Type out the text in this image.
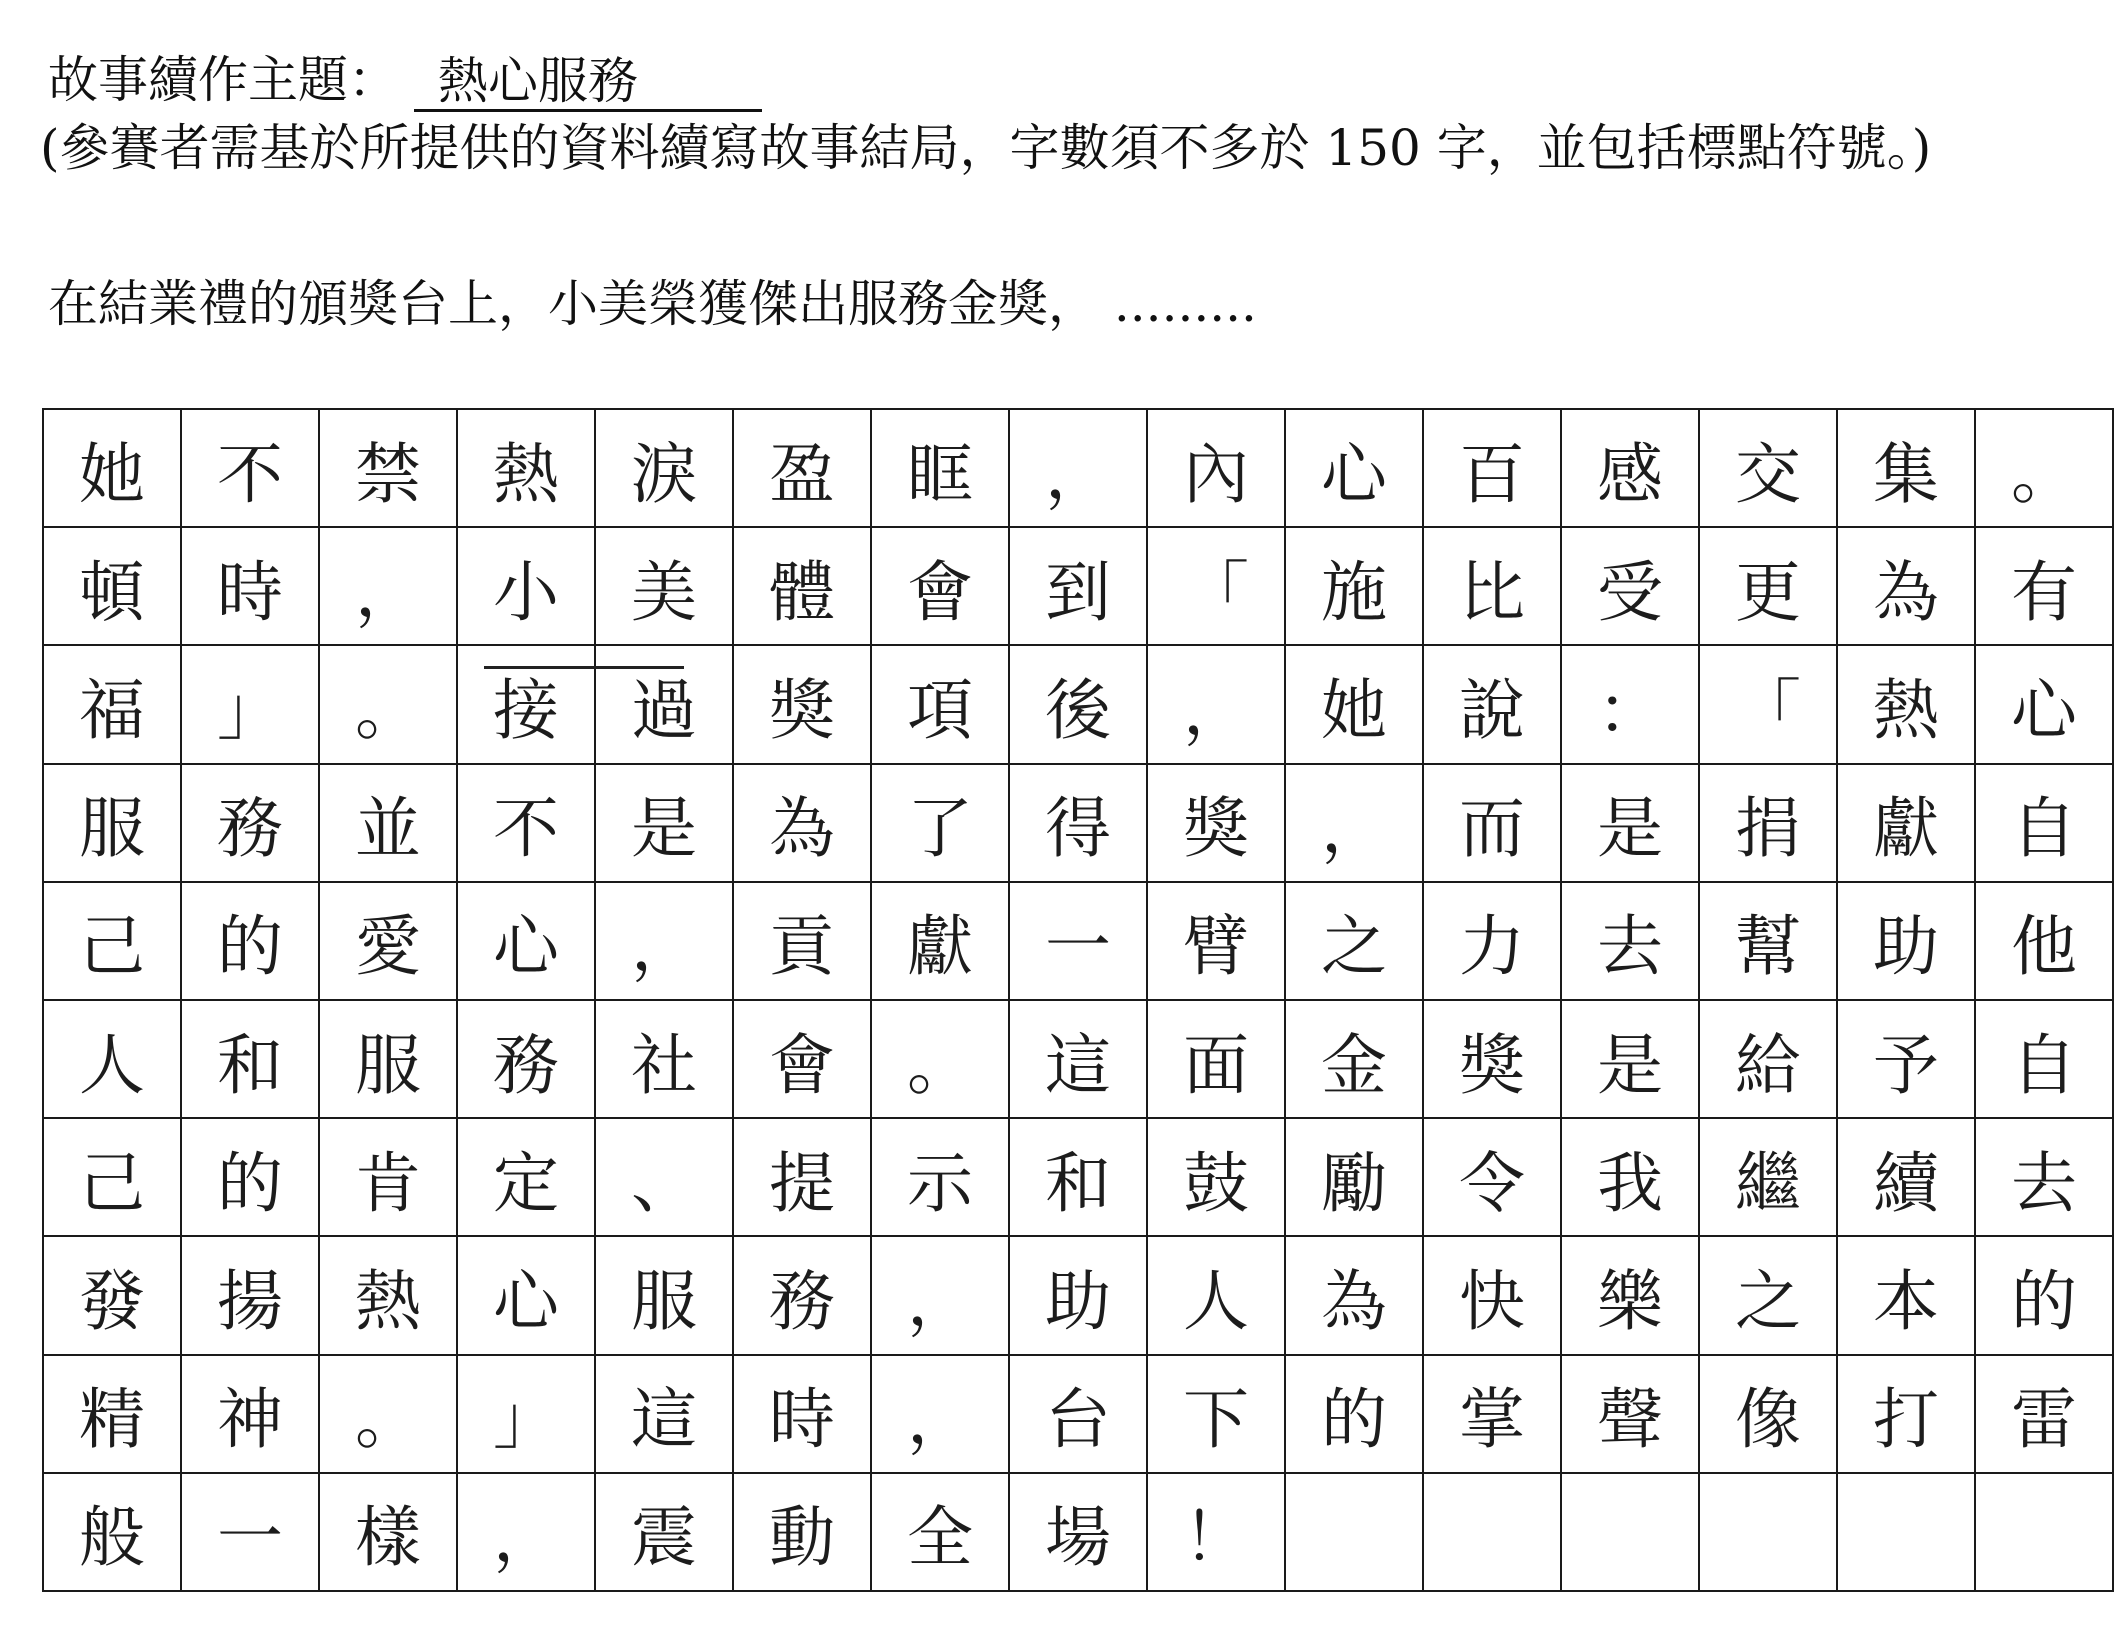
故事續作主題： 熱心服務
(參賽者需基於所提供的資料續寫故事結局，字數須不多於 150 字，並包括標點符號。)
在結業禮的頒獎台上，小美榮獲傑出服務金獎， .........
她	不	禁	熱	淚	盈	眶	，	內	心	百	感	交	集	。
頓	時	，	小	美	體	會	到	「	施	比	受	更	為	有
福	」	。	接	過	獎	項	後	，	她	說	：	「	熱	心
服	務	並	不	是	為	了	得	獎	，	而	是	捐	獻	自
己	的	愛	心	，	貢	獻	一	臂	之	力	去	幫	助	他
人	和	服	務	社	會	。	這	面	金	獎	是	給	予	自
己	的	肯	定	、	提	示	和	鼓	勵	令	我	繼	續	去
發	揚	熱	心	服	務	，	助	人	為	快	樂	之	本	的
精	神	。	」	這	時	，	台	下	的	掌	聲	像	打	雷
般	一	樣	，	震	動	全	場	！						
